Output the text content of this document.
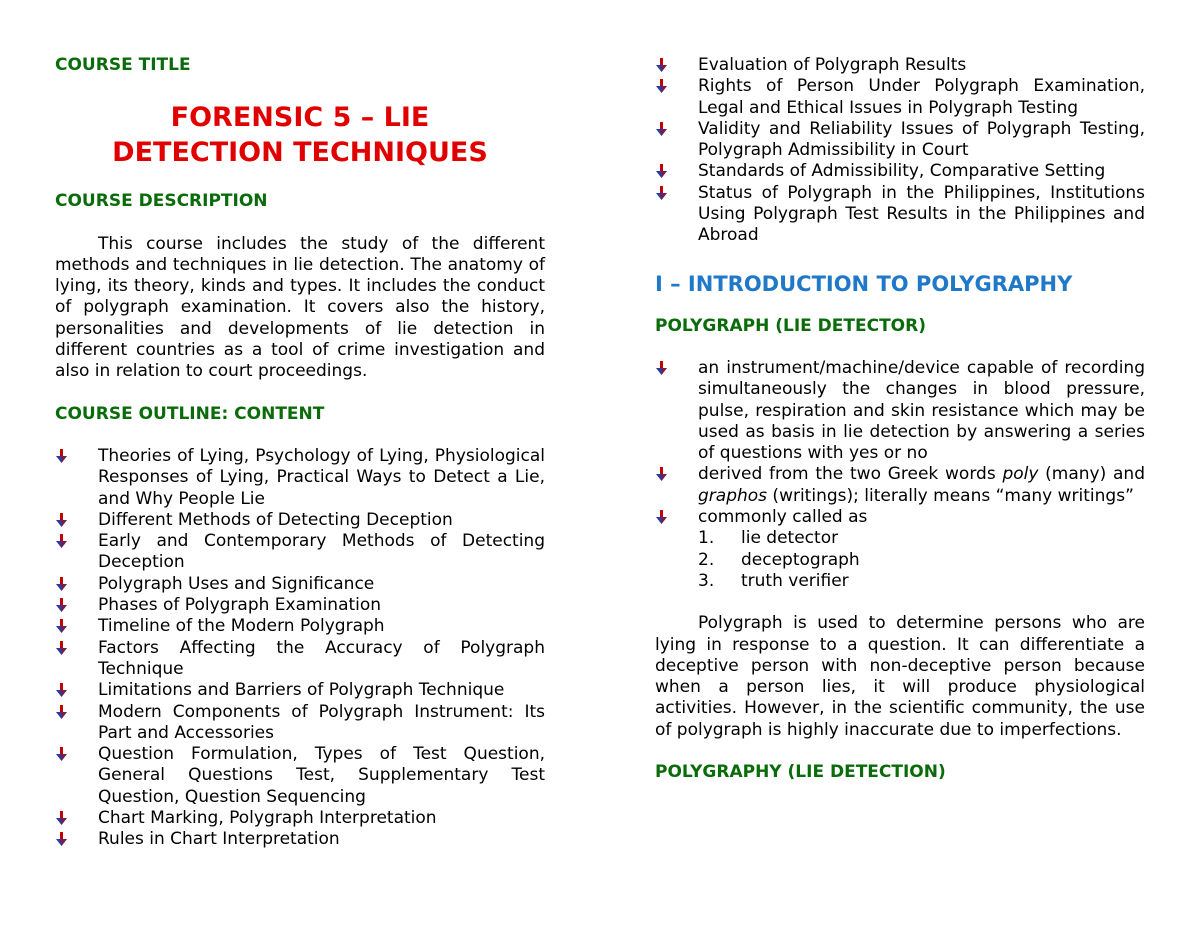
COURSE TITLE
FORENSIC 5 – LIE
DETECTION TECHNIQUES
COURSE DESCRIPTION
This course includes the study of the different methods and techniques in lie detection. The anatomy of lying, its theory, kinds and types. It includes the conduct of polygraph examination. It covers also the history, personalities and developments of lie detection in different countries as a tool of crime investigation and also in relation to court proceedings.
COURSE OUTLINE: CONTENT
Theories of Lying, Psychology of Lying, Physiological Responses of Lying, Practical Ways to Detect a Lie, and Why People Lie
Different Methods of Detecting Deception
Early and Contemporary Methods of Detecting Deception
Polygraph Uses and Significance
Phases of Polygraph Examination
Timeline of the Modern Polygraph
Factors Affecting the Accuracy of Polygraph Technique
Limitations and Barriers of Polygraph Technique
Modern Components of Polygraph Instrument: Its Part and Accessories
Question Formulation, Types of Test Question, General Questions Test, Supplementary Test Question, Question Sequencing
Chart Marking, Polygraph Interpretation
Rules in Chart Interpretation
Evaluation of Polygraph Results
Rights of Person Under Polygraph Examination, Legal and Ethical Issues in Polygraph Testing
Validity and Reliability Issues of Polygraph Testing, Polygraph Admissibility in Court
Standards of Admissibility, Comparative Setting
Status of Polygraph in the Philippines, Institutions Using Polygraph Test Results in the Philippines and Abroad
I – INTRODUCTION TO POLYGRAPHY
POLYGRAPH (LIE DETECTOR)
an instrument/machine/device capable of recording simultaneously the changes in blood pressure, pulse, respiration and skin resistance which may be used as basis in lie detection by answering a series of questions with yes or no
derived from the two Greek words poly (many) and graphos (writings); literally means “many writings”
commonly called as
1. lie detector
2. deceptograph
3. truth verifier
Polygraph is used to determine persons who are lying in response to a question. It can differentiate a deceptive person with non-deceptive person because when a person lies, it will produce physiological activities. However, in the scientific community, the use of polygraph is highly inaccurate due to imperfections.
POLYGRAPHY (LIE DETECTION)
